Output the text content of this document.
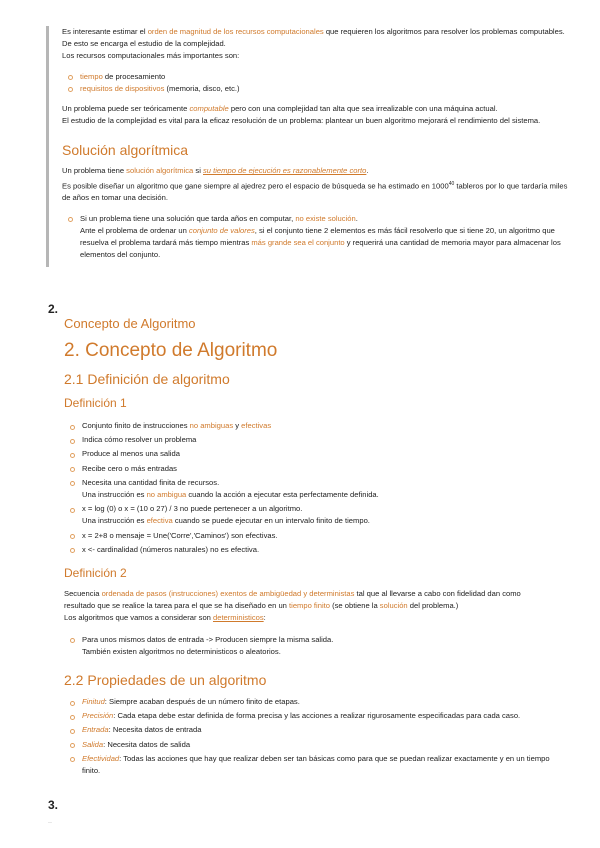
Es interesante estimar el orden de magnitud de los recursos computacionales que requieren los algoritmos para resolver los problemas computables. De esto se encarga el estudio de la complejidad.
Los recursos computacionales más importantes son:

tiempo de procesamiento
requisitos de dispositivos (memoria, disco, etc.)

Un problema puede ser teóricamente computable pero con una complejidad tan alta que sea irrealizable con una máquina actual.
El estudio de la complejidad es vital para la eficaz resolución de un problema: plantear un buen algoritmo mejorará el rendimiento del sistema.

Solución algorítmica

Un problema tiene solución algorítmica si su tiempo de ejecución es razonablemente corto.
Es posible diseñar un algoritmo que gane siempre al ajedrez pero el espacio de búsqueda se ha estimado en 1000$^{40}$ tableros por lo que tardaría miles de años en tomar una decisión.

Si un problema tiene una solución que tarda años en computar, no existe solución.
Ante el problema de ordenar un conjunto de valores, si el conjunto tiene 2 elementos es más fácil resolverlo que si tiene 20, un algoritmo que resuelva el problema tardará más tiempo mientras más grande sea el conjunto y requerirá una cantidad de memoria mayor para almacenar los elementos del conjunto.
2.
Concepto de Algoritmo
2. Concepto de Algoritmo
2.1 Definición de algoritmo
Definición 1
Conjunto finito de instrucciones no ambiguas y efectivas
Indica cómo resolver un problema
Produce al menos una salida
Recibe cero o más entradas
Necesita una cantidad finita de recursos.
Una instrucción es no ambigua cuando la acción a ejecutar esta perfectamente definida.
x = log (0) o x = (10 o 27) / 3 no puede pertenecer a un algoritmo.
Una instrucción es efectiva cuando se puede ejecutar en un intervalo finito de tiempo.
x = 2+8 o mensaje = Une('Corre','Caminos') son efectivas.
x <- cardinalidad (números naturales) no es efectiva.
Definición 2

Secuencia ordenada de pasos (instrucciones) exentos de ambigüedad y deterministas tal que al llevarse a cabo con fidelidad dan como resultado que se realice la tarea para el que se ha diseñado en un tiempo finito (se obtiene la solución del problema.)
Los algoritmos que vamos a considerar son deterministicos:

Para unos mismos datos de entrada -> Producen siempre la misma salida.
También existen algoritmos no deterministicos o aleatorios.
2.2 Propiedades de un algoritmo
Finitud: Siempre acaban después de un número finito de etapas.
Precisión: Cada etapa debe estar definida de forma precisa y las acciones a realizar rigurosamente especificadas para cada caso.
Entrada: Necesita datos de entrada
Salida: Necesita datos de salida
Efectividad: Todas las acciones que hay que realizar deben ser tan básicas como para que se puedan realizar exactamente y en un tiempo finito.
3.
··
